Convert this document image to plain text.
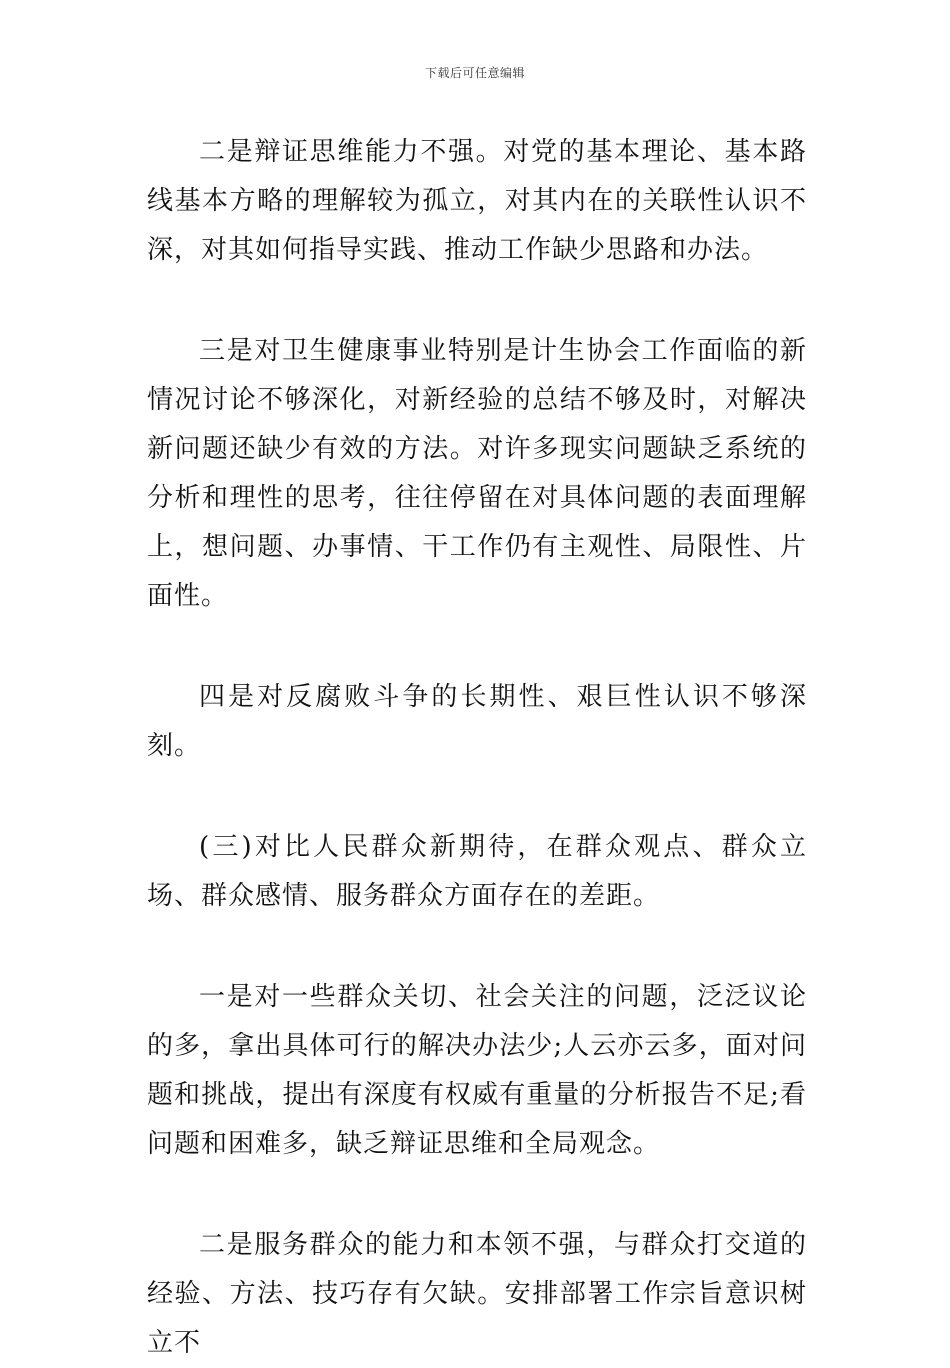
下载后可任意编辑

二是辩证思维能力不强。对党的基本理论、基本路线基本方略的理解较为孤立，对其内在的关联性认识不深，对其如何指导实践、推动工作缺少思路和办法。

三是对卫生健康事业特别是计生协会工作面临的新情况讨论不够深化，对新经验的总结不够及时，对解决新问题还缺少有效的方法。对许多现实问题缺乏系统的分析和理性的思考，往往停留在对具体问题的表面理解上，想问题、办事情、干工作仍有主观性、局限性、片面性。

四是对反腐败斗争的长期性、艰巨性认识不够深刻。

(三)对比人民群众新期待，在群众观点、群众立场、群众感情、服务群众方面存在的差距。

一是对一些群众关切、社会关注的问题，泛泛议论的多，拿出具体可行的解决办法少;人云亦云多，面对问题和挑战，提出有深度有权威有重量的分析报告不足;看问题和困难多，缺乏辩证思维和全局观念。

二是服务群众的能力和本领不强，与群众打交道的经验、方法、技巧存有欠缺。安排部署工作宗旨意识树立不
